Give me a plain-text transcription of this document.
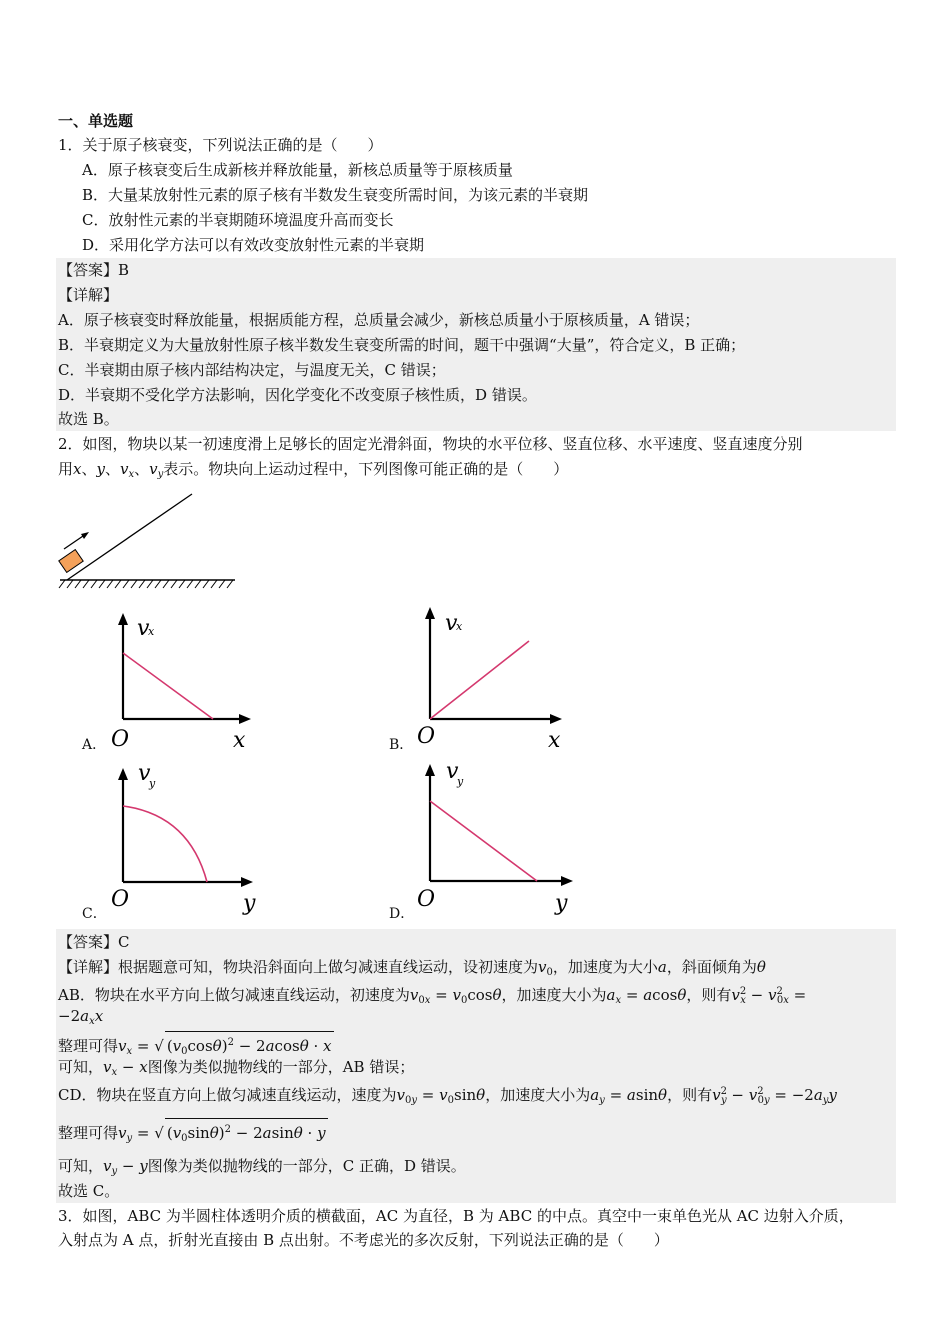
一、单选题
1．关于原子核衰变，下列说法正确的是（　　）
A．原子核衰变后生成新核并释放能量，新核总质量等于原核质量
B．大量某放射性元素的原子核有半数发生衰变所需时间，为该元素的半衰期
C．放射性元素的半衰期随环境温度升高而变长
D．采用化学方法可以有效改变放射性元素的半衰期
【答案】B
【详解】
A．原子核衰变时释放能量，根据质能方程，总质量会减少，新核总质量小于原核质量，A 错误；
B．半衰期定义为大量放射性原子核半数发生衰变所需的时间，题干中强调“大量”，符合定义，B 正确；
C．半衰期由原子核内部结构决定，与温度无关，C 错误；
D．半衰期不受化学方法影响，因化学变化不改变原子核性质，D 错误。
故选 B。
2．如图，物块以某一初速度滑上足够长的固定光滑斜面，物块的水平位移、竖直位移、水平速度、竖直速度分别
用x、y、$v_x$、$v_y$表示。物块向上运动过程中，下列图像可能正确的是（　　）
A．
v
x
O	x	B．
v
x
O	x
C．
v
y
O	y	D．
v
y
O	y
【答案】C
【详解】根据题意可知，物块沿斜面向上做匀减速直线运动，设初速度为$v_0$，加速度为大小a，斜面倾角为θ
AB．物块在水平方向上做匀减速直线运动，初速度为$v_{0x} = v_0\cos\theta$，加速度大小为$a_x = acos\theta$，则有$v^2_x - v^2_{0x}$ =
$-2a_xx$
整理可得$v_x$ = √ $(v_0\cos\theta)^2 - 2acos\theta \cdot x$
可知，$v_x - x$图像为类似抛物线的一部分，AB 错误；
CD．物块在竖直方向上做匀减速直线运动，速度为$v_{0y} = v_0\sin\theta$，加速度大小为$a_y = asin\theta$，则有$v^2_y - v^2_{0y} = -2a_yy$
整理可得$v_y$ = √ $(v_0\sin\theta)^2 - 2asin\theta \cdot y$
可知，$v_y - y$图像为类似抛物线的一部分，C 正确，D 错误。
故选 C。
3．如图，ABC 为半圆柱体透明介质的横截面，AC 为直径，B 为 ABC 的中点。真空中一束单色光从 AC 边射入介质，
入射点为 A 点，折射光直接由 B 点出射。不考虑光的多次反射，下列说法正确的是（　　）
